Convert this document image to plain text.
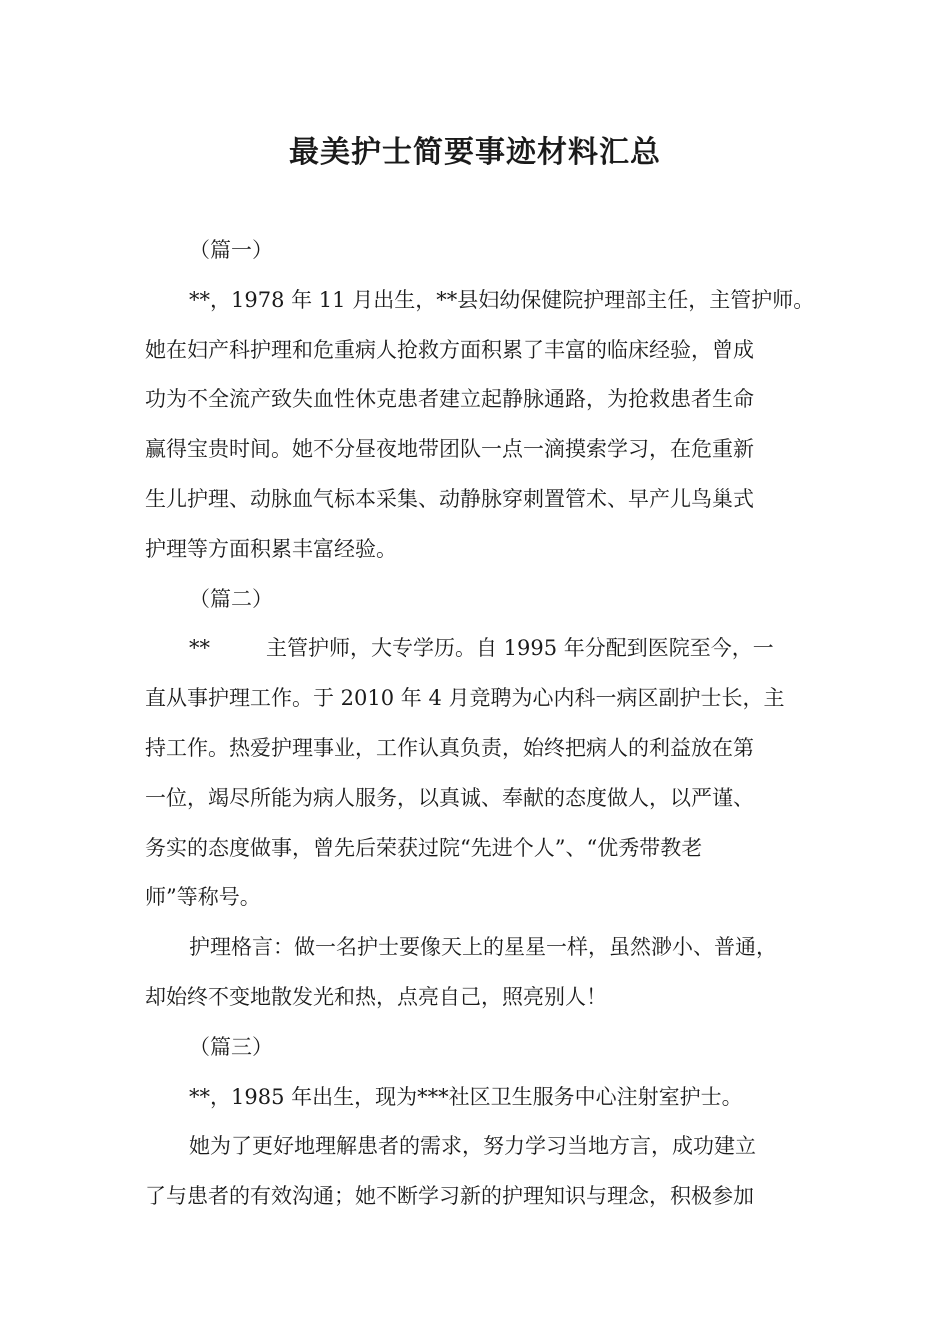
最美护士简要事迹材料汇总
（篇一）
**，1978 年 11 月出生，**县妇幼保健院护理部主任，主管护师。
她在妇产科护理和危重病人抢救方面积累了丰富的临床经验，曾成
功为不全流产致失血性休克患者建立起静脉通路，为抢救患者生命
赢得宝贵时间。她不分昼夜地带团队一点一滴摸索学习，在危重新
生儿护理、动脉血气标本采集、动静脉穿刺置管术、早产儿鸟巢式
护理等方面积累丰富经验。
（篇二）
**	主管护师，大专学历。自 1995 年分配到医院至今，一
直从事护理工作。于 2010 年 4 月竞聘为心内科一病区副护士长，主
持工作。热爱护理事业，工作认真负责，始终把病人的利益放在第
一位，竭尽所能为病人服务，以真诚、奉献的态度做人，以严谨、
务实的态度做事，曾先后荣获过院“先进个人”、“优秀带教老
师”等称号。
护理格言：做一名护士要像天上的星星一样，虽然渺小、普通，
却始终不变地散发光和热，点亮自己，照亮别人！
（篇三）
**，1985 年出生，现为***社区卫生服务中心注射室护士。
她为了更好地理解患者的需求，努力学习当地方言，成功建立
了与患者的有效沟通；她不断学习新的护理知识与理念，积极参加
